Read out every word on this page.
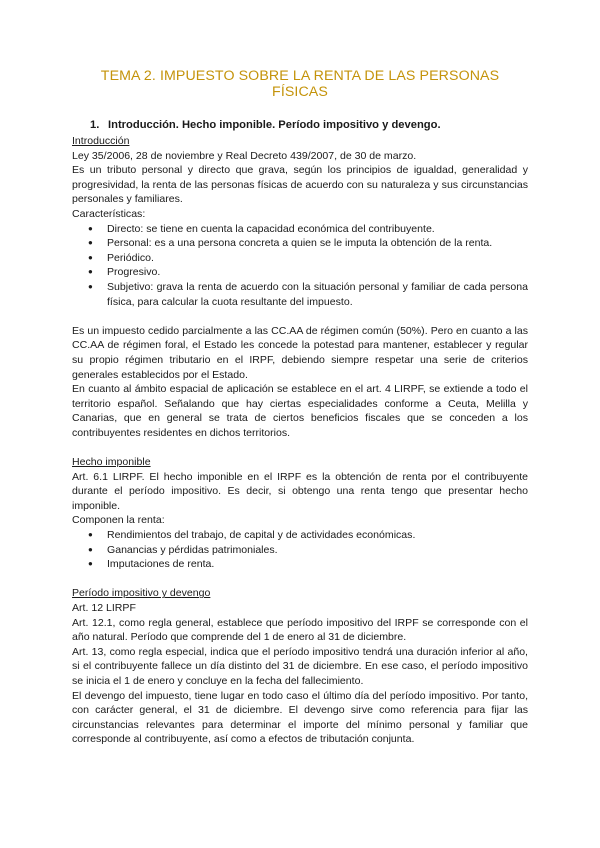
TEMA 2. IMPUESTO SOBRE LA RENTA DE LAS PERSONAS FÍSICAS
1. Introducción. Hecho imponible. Período impositivo y devengo.

Introducción

Ley 35/2006, 28 de noviembre y Real Decreto 439/2007, de 30 de marzo.

Es un tributo personal y directo que grava, según los principios de igualdad, generalidad y progresividad, la renta de las personas físicas de acuerdo con su naturaleza y sus circunstancias personales y familiares.

Características:

● Directo: se tiene en cuenta la capacidad económica del contribuyente.
● Personal: es a una persona concreta a quien se le imputa la obtención de la renta.
● Periódico.
● Progresivo.
● Subjetivo: grava la renta de acuerdo con la situación personal y familiar de cada persona física, para calcular la cuota resultante del impuesto.

Es un impuesto cedido parcialmente a las CC.AA de régimen común (50%). Pero en cuanto a las CC.AA de régimen foral, el Estado les concede la potestad para mantener, establecer y regular su propio régimen tributario en el IRPF, debiendo siempre respetar una serie de criterios generales establecidos por el Estado.

En cuanto al ámbito espacial de aplicación se establece en el art. 4 LIRPF, se extiende a todo el territorio español. Señalando que hay ciertas especialidades conforme a Ceuta, Melilla y Canarias, que en general se trata de ciertos beneficios fiscales que se conceden a los contribuyentes residentes en dichos territorios.

Hecho imponible

Art. 6.1 LIRPF. El hecho imponible en el IRPF es la obtención de renta por el contribuyente durante el período impositivo. Es decir, si obtengo una renta tengo que presentar hecho imponible.

Componen la renta:

● Rendimientos del trabajo, de capital y de actividades económicas.
● Ganancias y pérdidas patrimoniales.
● Imputaciones de renta.

Período impositivo y devengo

Art. 12 LIRPF

Art. 12.1, como regla general, establece que período impositivo del IRPF se corresponde con el año natural. Período que comprende del 1 de enero al 31 de diciembre.

Art. 13, como regla especial, indica que el período impositivo tendrá una duración inferior al año, si el contribuyente fallece un día distinto del 31 de diciembre. En ese caso, el período impositivo se inicia el 1 de enero y concluye en la fecha del fallecimiento.

El devengo del impuesto, tiene lugar en todo caso el último día del período impositivo. Por tanto, con carácter general, el 31 de diciembre. El devengo sirve como referencia para fijar las circunstancias relevantes para determinar el importe del mínimo personal y familiar que corresponde al contribuyente, así como a efectos de tributación conjunta.
